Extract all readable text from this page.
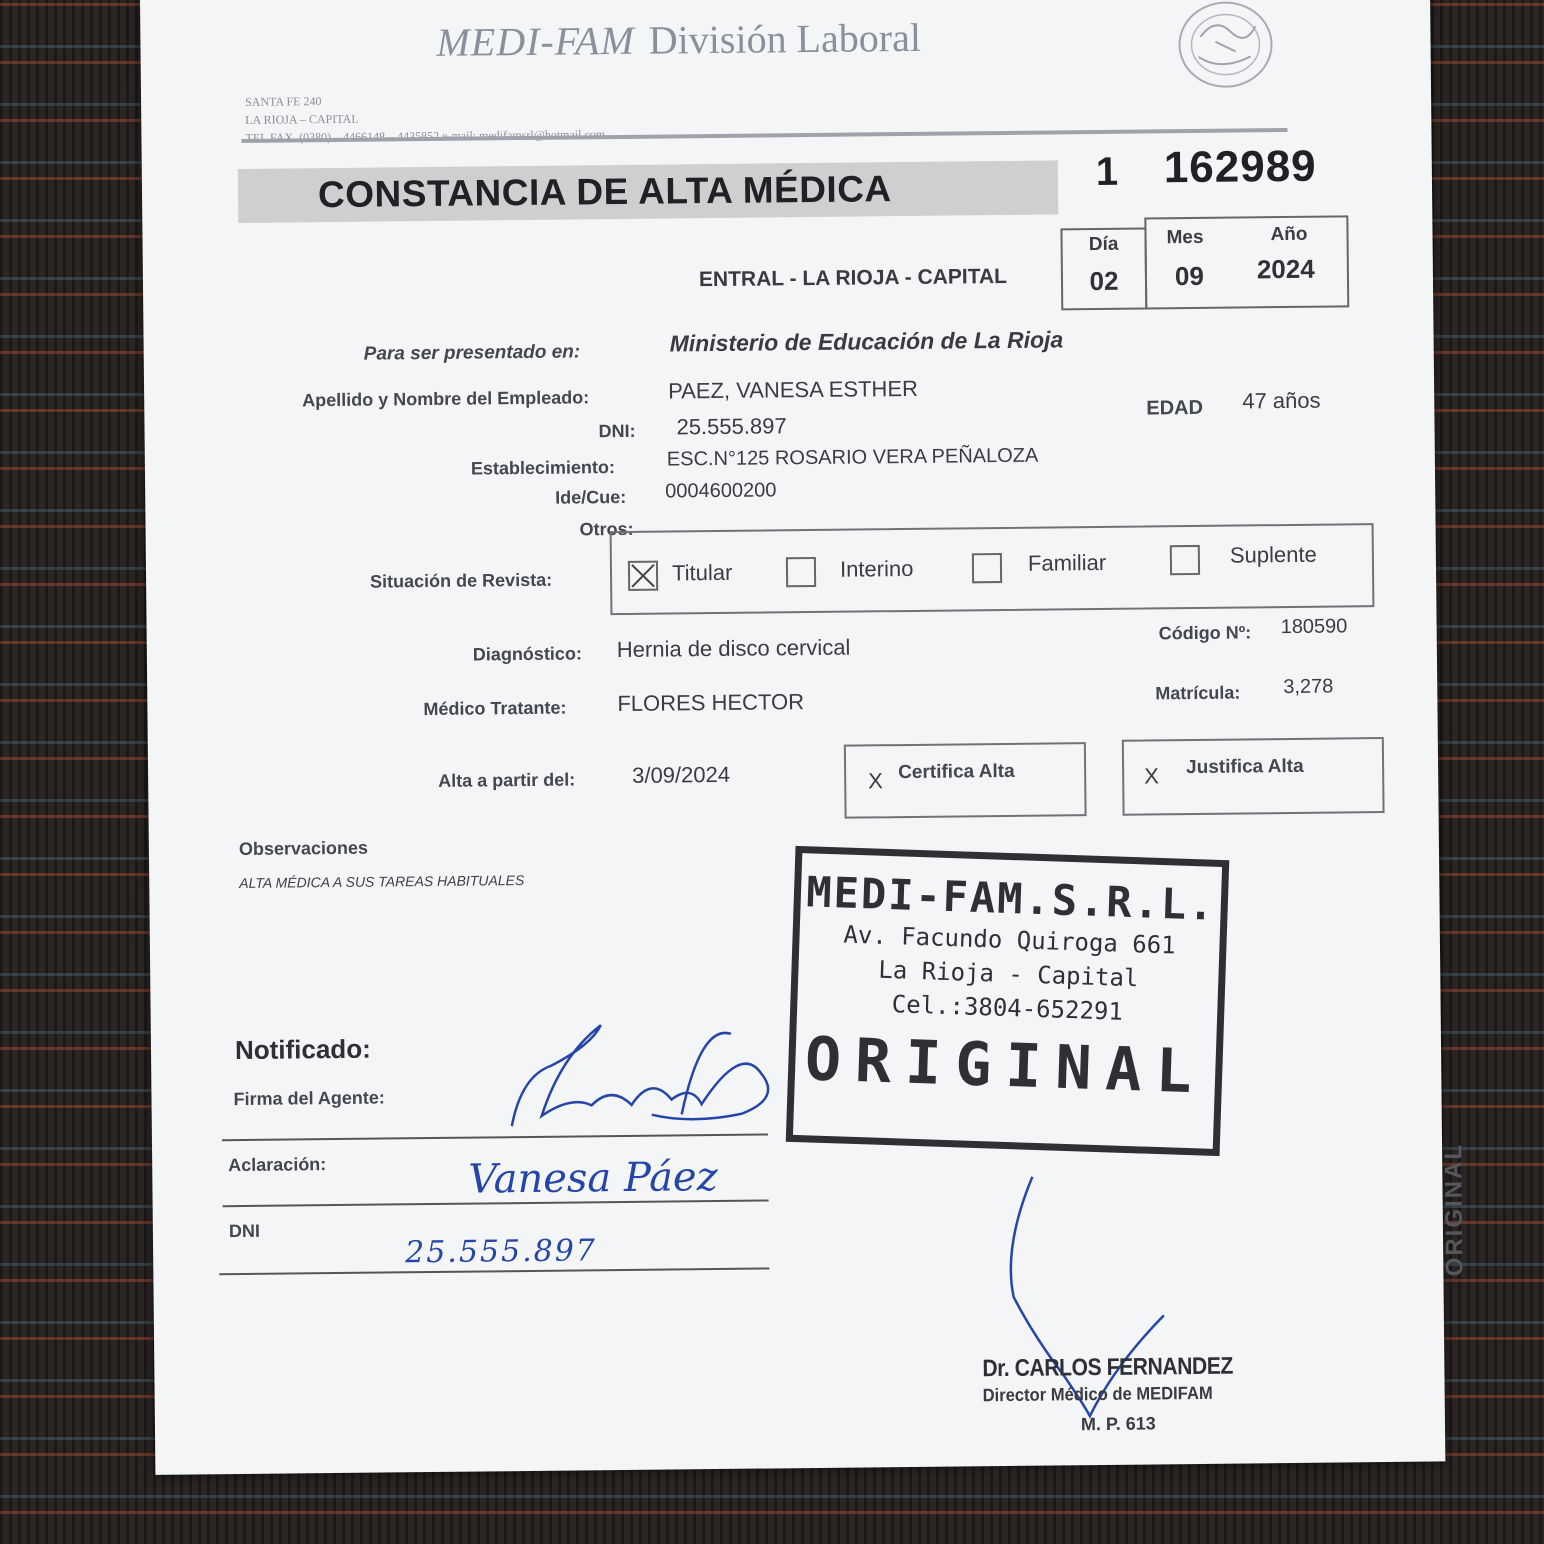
MEDI-FAM División Laboral
SANTA FE 240
LA RIOJA – CAPITAL
TEL FAX. (0380) – 4466148 – 4435852 e-mail: medifamsrl@hotmail.com
CONSTANCIA DE ALTA MÉDICA	1 162989
ENTRAL - LA RIOJA - CAPITAL
Día
02
Mes
09
Año
2024
Para ser presentado en:	Ministerio de Educación de La Rioja
Apellido y Nombre del Empleado:	PAEZ, VANESA ESTHER
EDAD 47 años
DNI: 25.555.897
Establecimiento:	ESC.N°125 ROSARIO VERA PEÑALOZA
Ide/Cue: 0004600200
Otros:
Situación de Revista:	Titular	Interino	Familiar	Suplente
Diagnóstico: Hernia de disco cervical
Código Nº: 180590
Médico Tratante: FLORES HECTOR	Matrícula: 3,278
Alta a partir del:	3/09/2024	X Certifica Alta	X Justifica Alta
Observaciones
ALTA MÉDICA A SUS TAREAS HABITUALES	MEDI-FAM.S.R.L.
Av. Facundo Quiroga 661
La Rioja - Capital
Cel.:3804-652291
ORIGINAL
Notificado:
Firma del Agente:
Aclaración:	Vanesa Páez
DNI
25.555.897
Dr. CARLOS FERNANDEZ
Director Médico de MEDIFAM
M. P. 613
ORIGINAL
